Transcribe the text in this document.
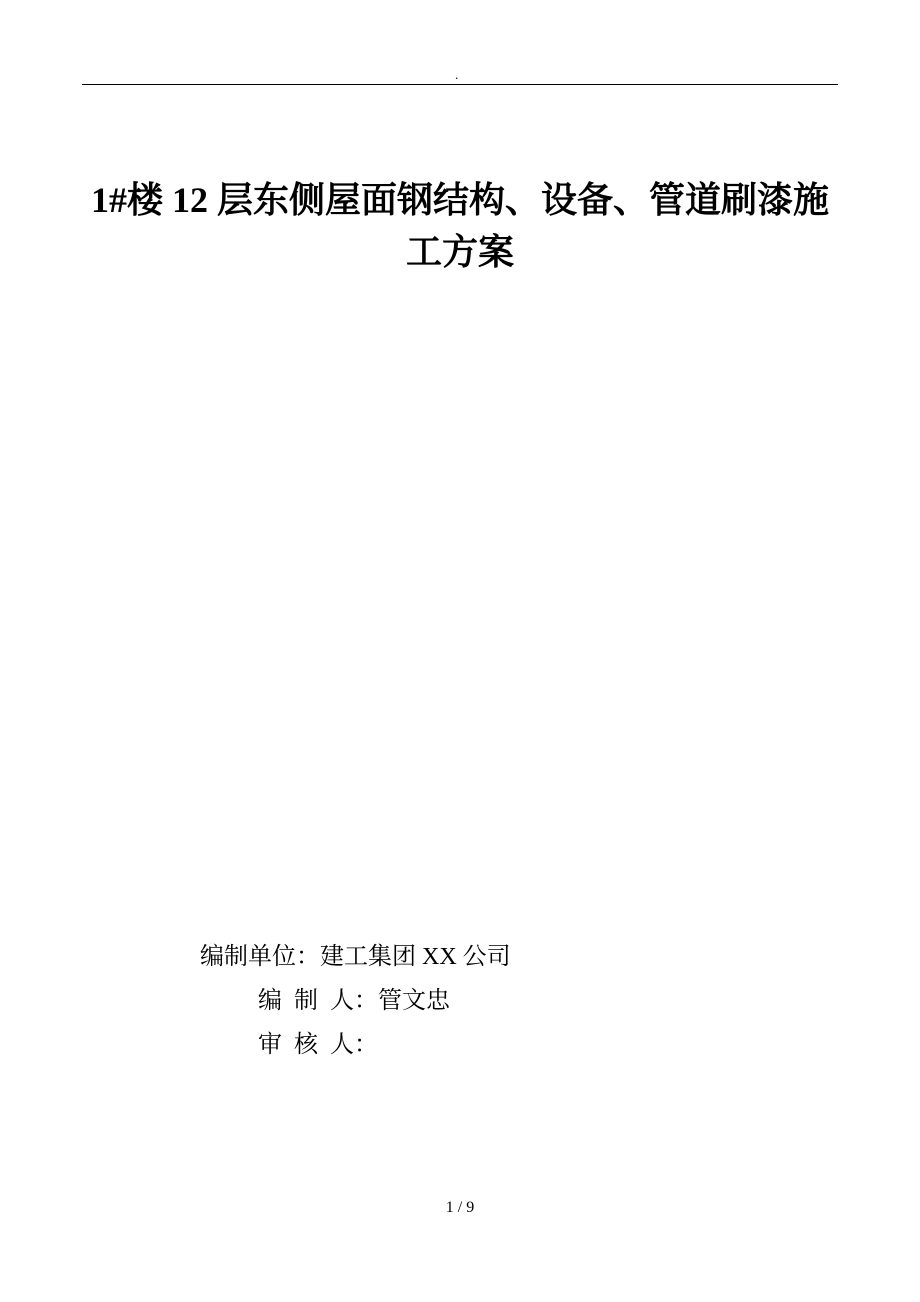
.
1#楼 12 层东侧屋面钢结构、设备、管道刷漆施工方案

编制单位：建工集团 XX 公司

编  制  人：管文忠

审  核  人：

1 / 9
